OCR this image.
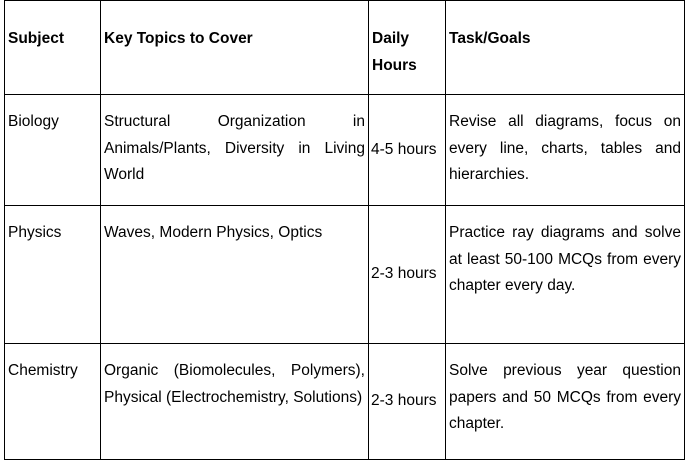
Subject	Key Topics to Cover	Daily Hours	Task/Goals
Biology	Structural Organization in Animals/Plants, Diversity in Living World	4-5 hours	Revise all diagrams, focus on every line, charts, tables and hierarchies.
Physics	Waves, Modern Physics, Optics	2-3 hours	Practice ray diagrams and solve at least 50-100 MCQs from every chapter every day.
Chemistry	Organic (Biomolecules, Polymers), Physical (Electrochemistry, Solutions)	2-3 hours	Solve previous year question papers and 50 MCQs from every chapter.
